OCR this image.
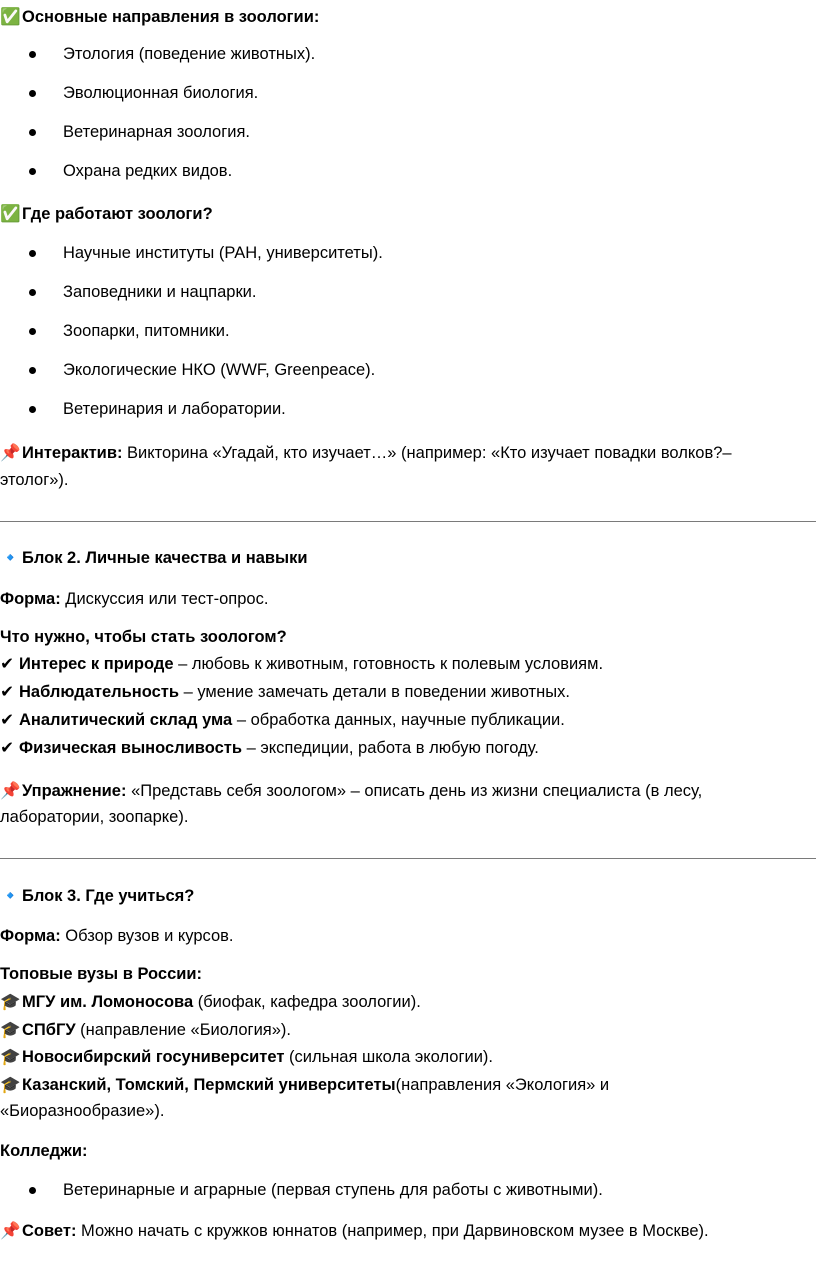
✅Основные направления в зоологии:
Этология (поведение животных).
Эволюционная биология.
Ветеринарная зоология.
Охрана редких видов.
✅Где работают зоологи?
Научные институты (РАН, университеты).
Заповедники и нацпарки.
Зоопарки, питомники.
Экологические НКО (WWF, Greenpeace).
Ветеринария и лаборатории.
📌Интерактив: Викторина «Угадай, кто изучает…» (например: «Кто изучает повадки волков?–
этолог»).
🔹Блок 2. Личные качества и навыки
Форма: Дискуссия или тест-опрос.
Что нужно, чтобы стать зоологом?
✔ Интерес к природе – любовь к животным, готовность к полевым условиям.
✔ Наблюдательность – умение замечать детали в поведении животных.
✔ Аналитический склад ума – обработка данных, научные публикации.
✔ Физическая выносливость – экспедиции, работа в любую погоду.
📌Упражнение: «Представь себя зоологом» – описать день из жизни специалиста (в лесу,
лаборатории, зоопарке).
🔹Блок 3. Где учиться?
Форма: Обзор вузов и курсов.
Топовые вузы в России:
🎓МГУ им. Ломоносова (биофак, кафедра зоологии).
🎓СПбГУ (направление «Биология»).
🎓Новосибирский госуниверситет (сильная школа экологии).
🎓Казанский, Томский, Пермский университеты(направления «Экология» и
«Биоразнообразие»).
Колледжи:
Ветеринарные и аграрные (первая ступень для работы с животными).
📌Совет: Можно начать с кружков юннатов (например, при Дарвиновском музее в Москве).
